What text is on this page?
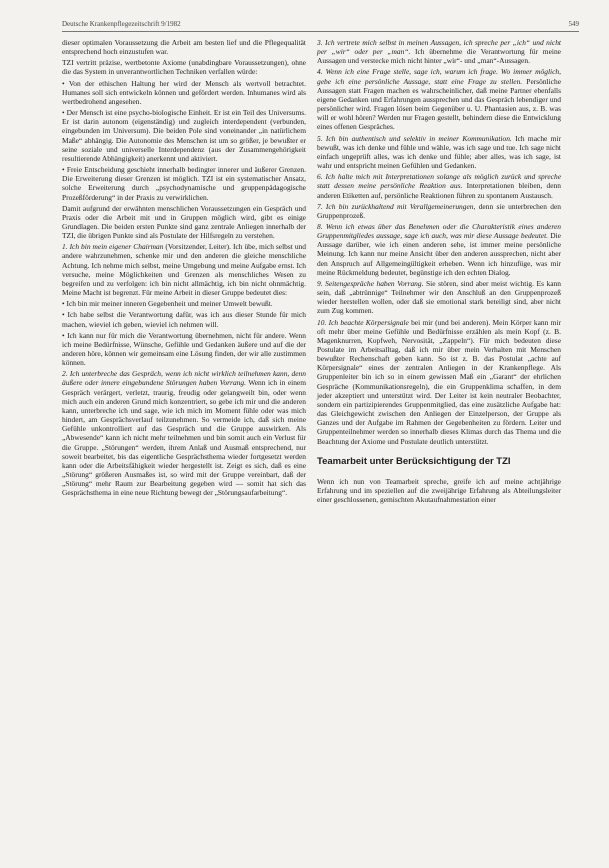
Deutsche Krankenpflegezeitschrift 9/1982	549

dieser optimalen Voraussetzung die Arbeit am besten lief und die Pflegequalität entsprechend hoch einzustufen war.

TZI vertritt präzise, wertbetonte Axiome (unabdingbare Voraussetzungen), ohne die das System in unverantwortlichen Techniken verfallen würde:

• Von der ethischen Haltung her wird der Mensch als wertvoll betrachtet. Humanes soll sich entwickeln können und gefördert werden. Inhumanes wird als wertbedrohend angesehen.

• Der Mensch ist eine psycho-biologische Einheit. Er ist ein Teil des Universums. Er ist darin autonom (eigenständig) und zugleich interdependent (verbunden, eingebunden im Universum). Die beiden Pole sind voneinander „in natürlichem Maße“ abhängig. Die Autonomie des Menschen ist um so größer, je bewußter er seine soziale und universelle Interdependenz (aus der Zusammengehörigkeit resultierende Abhängigkeit) anerkennt und aktiviert.

• Freie Entscheidung geschieht innerhalb bedingter innerer und äußerer Grenzen. Die Erweiterung dieser Grenzen ist möglich. TZI ist ein systematischer Ansatz, solche Erweiterung durch „psychodynamische und gruppenpädagogische Prozeßförderung“ in der Praxis zu verwirklichen.

Damit aufgrund der erwähnten menschlichen Voraussetzungen ein Gespräch und Praxis oder die Arbeit mit und in Gruppen möglich wird, gibt es einige Grundlagen. Die beiden ersten Punkte sind ganz zentrale Anliegen innerhalb der TZI, die übrigen Punkte sind als Postulate der Hilfsregeln zu verstehen.

1. Ich bin mein eigener Chairman (Vorsitzender, Leiter). Ich übe, mich selbst und andere wahrzunehmen, schenke mir und den anderen die gleiche menschliche Achtung. Ich nehme mich selbst, meine Umgebung und meine Aufgabe ernst. Ich versuche, meine Möglichkeiten und Grenzen als menschliches Wesen zu begreifen und zu verfolgen: ich bin nicht allmächtig, ich bin nicht ohnmächtig. Meine Macht ist begrenzt. Für meine Arbeit in dieser Gruppe bedeutet dies:

• Ich bin mir meiner inneren Gegebenheit und meiner Umwelt bewußt.

• Ich habe selbst die Verantwortung dafür, was ich aus dieser Stunde für mich machen, wieviel ich geben, wieviel ich nehmen will.

• Ich kann nur für mich die Verantwortung übernehmen, nicht für andere. Wenn ich meine Bedürfnisse, Wünsche, Gefühle und Gedanken äußere und auf die der anderen höre, können wir gemeinsam eine Lösung finden, der wir alle zustimmen können.

2. Ich unterbreche das Gespräch, wenn ich nicht wirklich teilnehmen kann, denn äußere oder innere eingebundene Störungen haben Vorrang. Wenn ich in einem Gespräch verärgert, verletzt, traurig, freudig oder gelangweilt bin, oder wenn mich auch ein anderen Grund mich konzentriert, so gebe ich mir und die anderen kann, unterbreche ich und sage, wie ich mich im Moment fühle oder was mich hindert, am Gesprächsverlauf teilzunehmen. So vermeide ich, daß sich meine Gefühle unkontrolliert auf das Gespräch und die Gruppe auswirken. Als „Abwesende“ kann ich nicht mehr teilnehmen und bin somit auch ein Verlust für die Gruppe. „Störungen“ werden, ihrem Anlaß und Ausmaß entsprechend, nur soweit bearbeitet, bis das eigentliche Gesprächsthema wieder fortgesetzt werden kann oder die Arbeitsfähigkeit wieder hergestellt ist. Zeigt es sich, daß es eine „Störung“ größeren Ausmaßes ist, so wird mit der Gruppe vereinbart, daß der „Störung“ mehr Raum zur Bearbeitung gegeben wird — somit hat sich das Gesprächsthema in eine neue Richtung bewegt der „Störungsaufarbeitung“.

3. Ich vertrete mich selbst in meinen Aussagen, ich spreche per „ich“ und nicht per „wir“ oder per „man“. Ich übernehme die Verantwortung für meine Aussagen und verstecke mich nicht hinter „wir“- und „man“-Aussagen.

4. Wenn ich eine Frage stelle, sage ich, warum ich frage. Wo immer möglich, gebe ich eine persönliche Aussage, statt eine Frage zu stellen. Persönliche Aussagen statt Fragen machen es wahrscheinlicher, daß meine Partner ebenfalls eigene Gedanken und Erfahrungen aussprechen und das Gespräch lebendiger und persönlicher wird. Fragen lösen beim Gegenüber u. U. Phantasien aus, z. B. was will er wohl hören? Werden nur Fragen gestellt, behindern diese die Entwicklung eines offenen Gespräches.

5. Ich bin authentisch und selektiv in meiner Kommunikation. Ich mache mir bewußt, was ich denke und fühle und wähle, was ich sage und tue. Ich sage nicht einfach ungeprüft alles, was ich denke und fühle; aber alles, was ich sage, ist wahr und entspricht meinen Gefühlen und Gedanken.

6. Ich halte mich mit Interpretationen solange als möglich zurück und spreche statt dessen meine persönliche Reaktion aus. Interpretationen bleiben, denn anderen Etiketten auf, persönliche Reaktionen führen zu spontanem Austausch.

7. Ich bin zurückhaltend mit Verallgemeinerungen, denn sie unterbrechen den Gruppenprozeß.

8. Wenn ich etwas über das Benehmen oder die Charakteristik eines anderen Gruppenmitgliedes aussage, sage ich auch, was mir diese Aussage bedeutet. Die Aussage darüber, wie ich einen anderen sehe, ist immer meine persönliche Meinung. Ich kann nur meine Ansicht über den anderen aussprechen, nicht aber den Anspruch auf Allgemeingültigkeit erheben. Wenn ich hinzufüge, was mir meine Rückmeldung bedeutet, begünstige ich den echten Dialog.

9. Seitengespräche haben Vorrang. Sie stören, sind aber meist wichtig. Es kann sein, daß „abtrünnige“ Teilnehmer wir den Anschluß an den Gruppenprozeß wieder herstellen wollen, oder daß sie emotional stark beteiligt sind, aber nicht zum Zug kommen.

10. Ich beachte Körpersignale bei mir (und bei anderen). Mein Körper kann mir oft mehr über meine Gefühle und Bedürfnisse erzählen als mein Kopf (z. B. Magenknurren, Kopfweh, Nervosität, „Zappeln“). Für mich bedeuten diese Postulate im Arbeitsalltag, daß ich mir über mein Verhalten mit Menschen bewußter Rechenschaft geben kann. So ist z. B. das Postulat „achte auf Körpersignale“ eines der zentralen Anliegen in der Krankenpflege. Als Gruppenleiter bin ich so in einem gewissen Maß ein „Garant“ der ehrlichen Gespräche (Kommunikationsregeln), die ein Gruppenklima schaffen, in dem jeder akzeptiert und unterstützt wird. Der Leiter ist kein neutraler Beobachter, sondern ein partizipierendes Gruppenmitglied, das eine zusätzliche Aufgabe hat: das Gleichgewicht zwischen den Anliegen der Einzelperson, der Gruppe als Ganzes und der Aufgabe im Rahmen der Gegebenheiten zu fördern. Leiter und Gruppenteilnehmer werden so innerhalb dieses Klimas durch das Thema und die Beachtung der Axiome und Postulate deutlich unterstützt.

Teamarbeit unter Berücksichtigung der TZI

Wenn ich nun von Teamarbeit spreche, greife ich auf meine achtjährige Erfahrung und im speziellen auf die zweijährige Erfahrung als Abteilungsleiter einer geschlossenen, gemischten Akutaufnahmestation einer
